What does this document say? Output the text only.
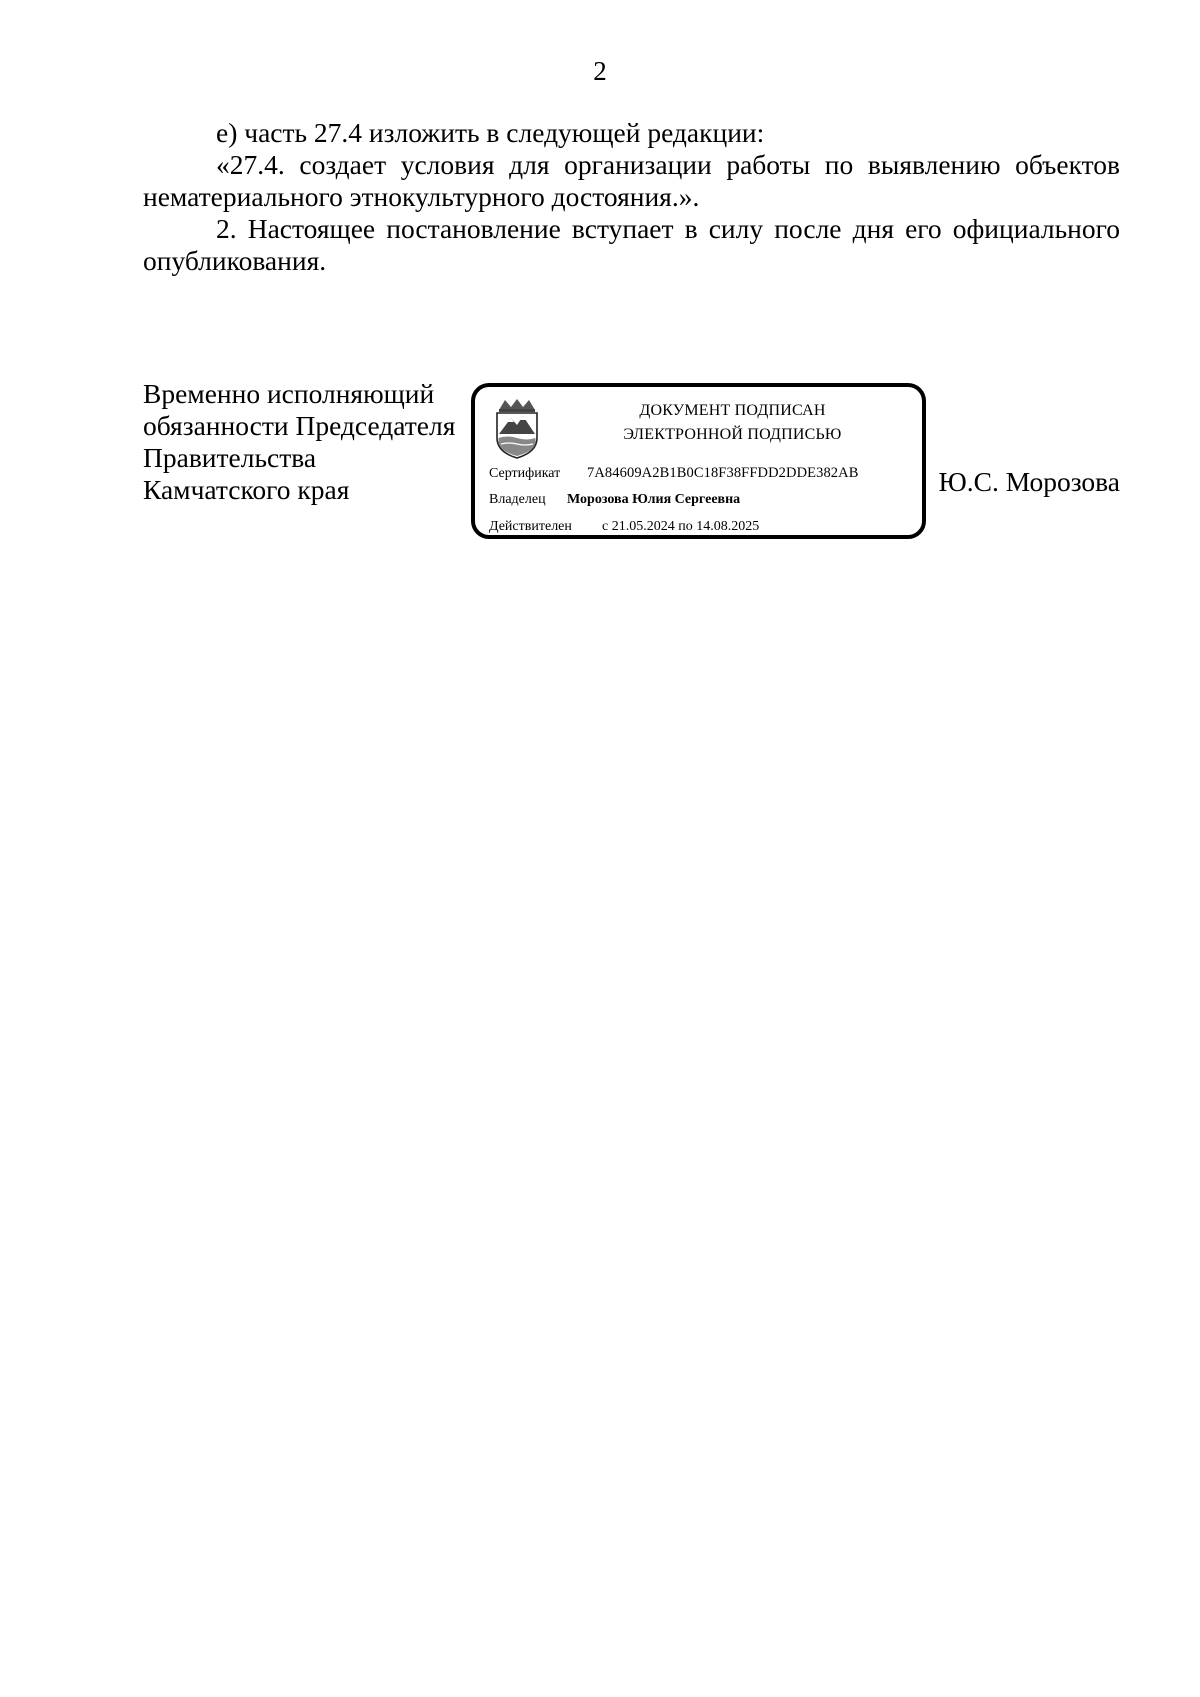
2

е) часть 27.4 изложить в следующей редакции:

«27.4. создает условия для организации работы по выявлению объектов нематериального этнокультурного достояния.».

2. Настоящее постановление вступает в силу после дня его официального опубликования.

Временно исполняющий
обязанности Председателя
Правительства
Камчатского края
ДОКУМЕНТ ПОДПИСАН
ЭЛЕКТРОННОЙ ПОДПИСЬЮ
Сертификат 7A84609A2B1B0C18F38FFDD2DDE382AB
Владелец Морозова Юлия Сергеевна
Действителен с 21.05.2024 по 14.08.2025
Ю.С. Морозова
